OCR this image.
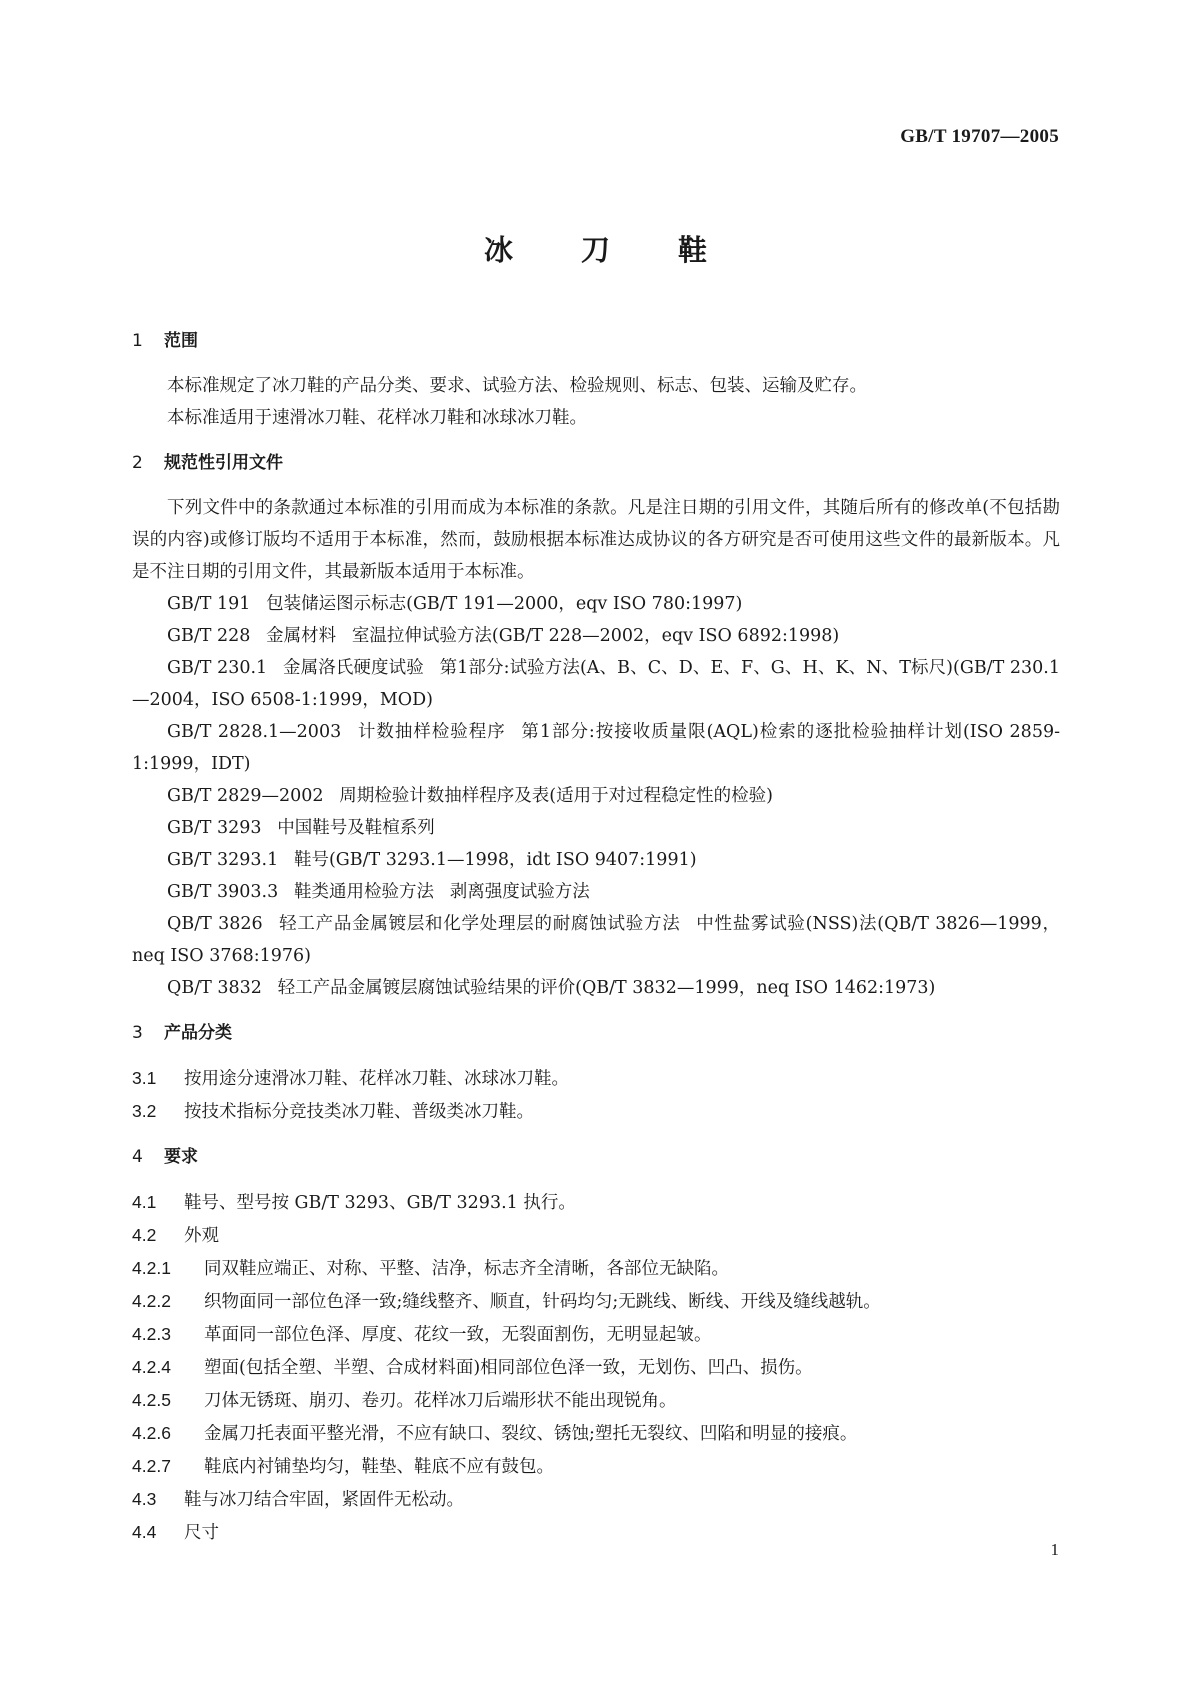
GB/T 19707—2005
冰 刀 鞋

1 范围

本标准规定了冰刀鞋的产品分类、要求、试验方法、检验规则、标志、包装、运输及贮存。

本标准适用于速滑冰刀鞋、花样冰刀鞋和冰球冰刀鞋。

2 规范性引用文件

下列文件中的条款通过本标准的引用而成为本标准的条款。凡是注日期的引用文件，其随后所有的修改单(不包括勘误的内容)或修订版均不适用于本标准，然而，鼓励根据本标准达成协议的各方研究是否可使用这些文件的最新版本。凡是不注日期的引用文件，其最新版本适用于本标准。

GB/T 191 包装储运图示标志(GB/T 191—2000，eqv ISO 780:1997)

GB/T 228 金属材料 室温拉伸试验方法(GB/T 228—2002，eqv ISO 6892:1998)

GB/T 230.1 金属洛氏硬度试验 第1部分:试验方法(A、B、C、D、E、F、G、H、K、N、T标尺)(GB/T 230.1—2004，ISO 6508-1:1999，MOD)

GB/T 2828.1—2003 计数抽样检验程序 第1部分:按接收质量限(AQL)检索的逐批检验抽样计划(ISO 2859-1:1999，IDT)

GB/T 2829—2002 周期检验计数抽样程序及表(适用于对过程稳定性的检验)

GB/T 3293 中国鞋号及鞋楦系列

GB/T 3293.1 鞋号(GB/T 3293.1—1998，idt ISO 9407:1991)

GB/T 3903.3 鞋类通用检验方法 剥离强度试验方法

QB/T 3826 轻工产品金属镀层和化学处理层的耐腐蚀试验方法 中性盐雾试验(NSS)法(QB/T 3826—1999，neq ISO 3768:1976)

QB/T 3832 轻工产品金属镀层腐蚀试验结果的评价(QB/T 3832—1999，neq ISO 1462:1973)

3 产品分类

3.1 按用途分速滑冰刀鞋、花样冰刀鞋、冰球冰刀鞋。

3.2 按技术指标分竞技类冰刀鞋、普级类冰刀鞋。

4 要求

4.1 鞋号、型号按 GB/T 3293、GB/T 3293.1 执行。

4.2 外观

4.2.1 同双鞋应端正、对称、平整、洁净，标志齐全清晰，各部位无缺陷。

4.2.2 织物面同一部位色泽一致;缝线整齐、顺直，针码均匀;无跳线、断线、开线及缝线越轨。

4.2.3 革面同一部位色泽、厚度、花纹一致，无裂面割伤，无明显起皱。

4.2.4 塑面(包括全塑、半塑、合成材料面)相同部位色泽一致，无划伤、凹凸、损伤。

4.2.5 刀体无锈斑、崩刃、卷刃。花样冰刀后端形状不能出现锐角。

4.2.6 金属刀托表面平整光滑，不应有缺口、裂纹、锈蚀;塑托无裂纹、凹陷和明显的接痕。

4.2.7 鞋底内衬铺垫均匀，鞋垫、鞋底不应有鼓包。

4.3 鞋与冰刀结合牢固，紧固件无松动。

4.4 尺寸

1
